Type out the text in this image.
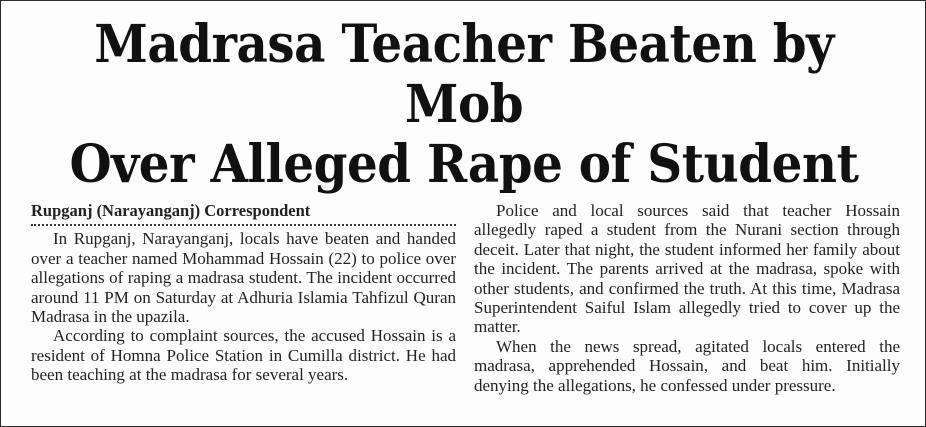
Madrasa Teacher Beaten by Mob
Over Alleged Rape of Student
Rupganj (Narayanganj) Correspondent

In Rupganj, Narayanganj, locals have beaten and handed over a teacher named Mohammad Hossain (22) to police over allegations of raping a madrasa student. The incident occurred around 11 PM on Saturday at Adhuria Islamia Tahfizul Quran Madrasa in the upazila.

According to complaint sources, the accused Hossain is a resident of Homna Police Station in Cumilla district. He had been teaching at the madrasa for several years.

Police and local sources said that teacher Hossain allegedly raped a student from the Nurani section through deceit. Later that night, the student informed her family about the incident. The parents arrived at the madrasa, spoke with other students, and confirmed the truth. At this time, Madrasa Superintendent Saiful Islam allegedly tried to cover up the matter.

When the news spread, agitated locals entered the madrasa, apprehended Hossain, and beat him. Initially denying the allegations, he confessed under pressure.
